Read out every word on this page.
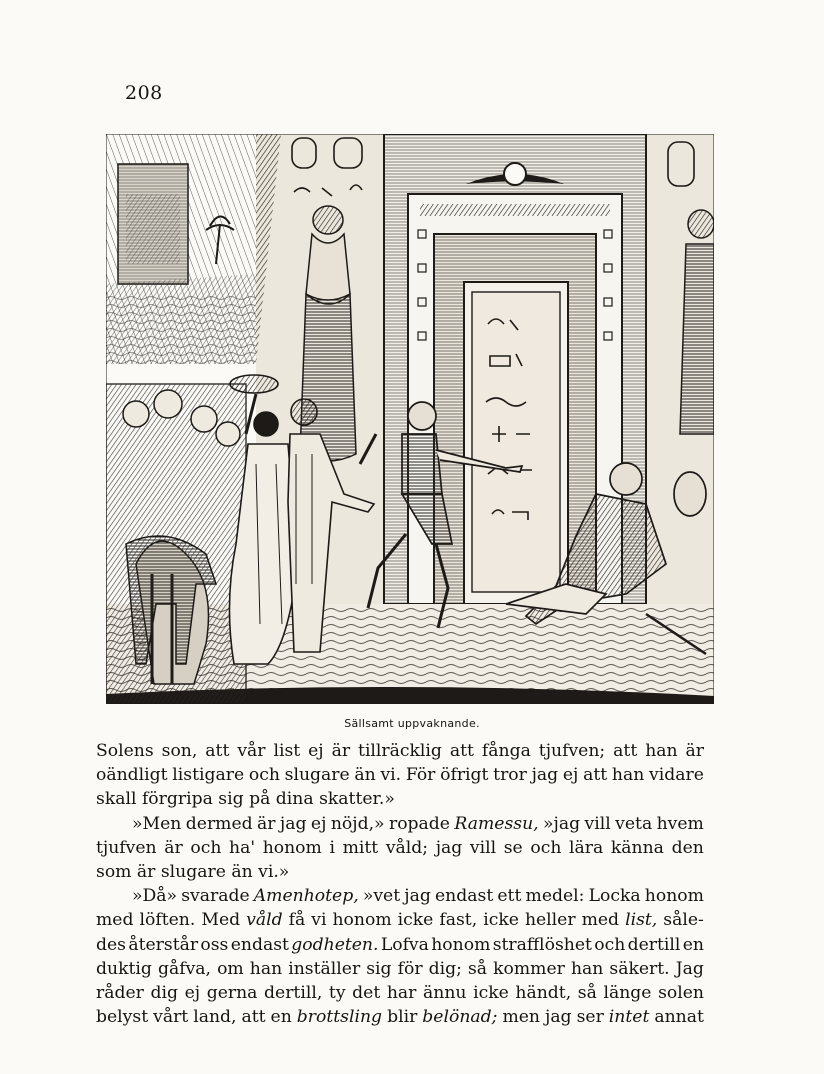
208
Sällsamt uppvaknande.
Solens son, att vår list ej är tillräcklig att fånga tjufven; att han är
oändligt listigare och slugare än vi. För öfrigt tror jag ej att han vidare
skall förgripa sig på dina skatter.»
»Men dermed är jag ej nöjd,» ropade Ramessu, »jag vill veta hvem
tjufven är och ha' honom i mitt våld; jag vill se och lära känna den
som är slugare än vi.»
»Då» svarade Amenhotep, »vet jag endast ett medel: Locka honom
med löften. Med våld få vi honom icke fast, icke heller med list, såle-
des återstår oss endast godheten. Lofva honom strafflöshet och dertill en
duktig gåfva, om han inställer sig för dig; så kommer han säkert. Jag
råder dig ej gerna dertill, ty det har ännu icke händt, så länge solen
belyst vårt land, att en brottsling blir belönad; men jag ser intet annat
